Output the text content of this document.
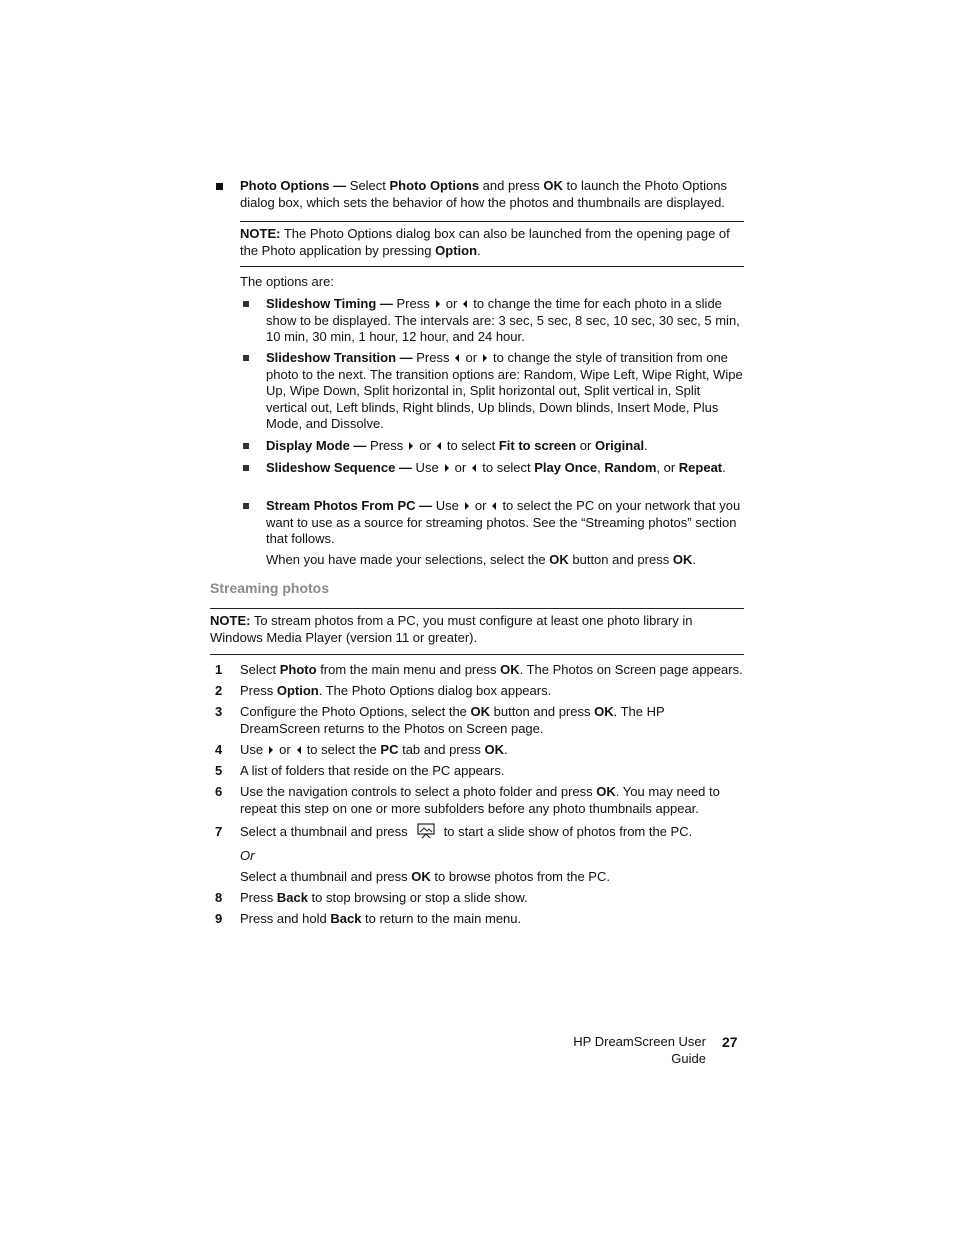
Photo Options — Select Photo Options and press OK to launch the Photo Options dialog box, which sets the behavior of how the photos and thumbnails are displayed.
NOTE: The Photo Options dialog box can also be launched from the opening page of the Photo application by pressing Option.
The options are:
Slideshow Timing — Press or to change the time for each photo in a slide show to be displayed. The intervals are: 3 sec, 5 sec, 8 sec, 10 sec, 30 sec, 5 min, 10 min, 30 min, 1 hour, 12 hour, and 24 hour.
Slideshow Transition — Press or to change the style of transition from one photo to the next. The transition options are: Random, Wipe Left, Wipe Right, Wipe Up, Wipe Down, Split horizontal in, Split horizontal out, Split vertical in, Split vertical out, Left blinds, Right blinds, Up blinds, Down blinds, Insert Mode, Plus Mode, and Dissolve.
Display Mode — Press or to select Fit to screen or Original.
Slideshow Sequence — Use or to select Play Once, Random, or Repeat.
Stream Photos From PC — Use or to select the PC on your network that you want to use as a source for streaming photos. See the “Streaming photos” section that follows.
When you have made your selections, select the OK button and press OK.
Streaming photos
NOTE: To stream photos from a PC, you must configure at least one photo library in Windows Media Player (version 11 or greater).
1	Select Photo from the main menu and press OK. The Photos on Screen page appears.
2	Press Option. The Photo Options dialog box appears.
3	Configure the Photo Options, select the OK button and press OK. The HP DreamScreen returns to the Photos on Screen page.
4	Use or to select the PC tab and press OK.
5	A list of folders that reside on the PC appears.
6	Use the navigation controls to select a photo folder and press OK. You may need to repeat this step on one or more subfolders before any photo thumbnails appear.
7	Select a thumbnail and press	to start a slide show of photos from the PC.
Or
Select a thumbnail and press OK to browse photos from the PC.
8	Press Back to stop browsing or stop a slide show.
9	Press and hold Back to return to the main menu.
HP DreamScreen User Guide
27
